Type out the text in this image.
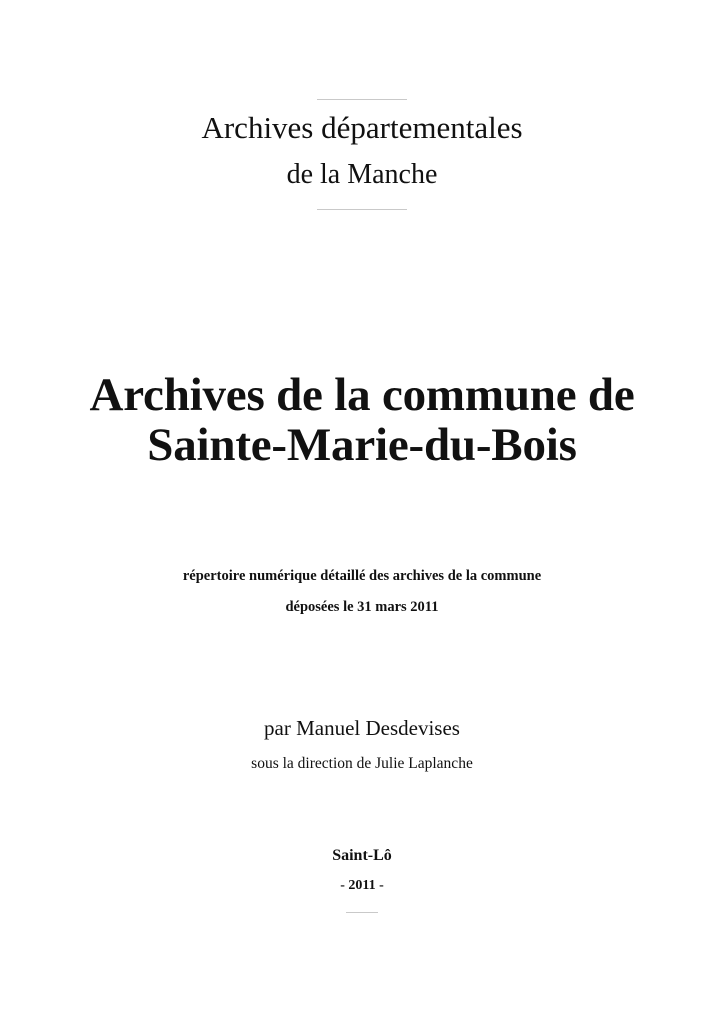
Archives départementales
de la Manche
Archives de la commune de
Sainte-Marie-du-Bois
répertoire numérique détaillé des archives de la commune
déposées le 31 mars 2011
par Manuel Desdevises
sous la direction de Julie Laplanche
Saint-Lô
- 2011 -
